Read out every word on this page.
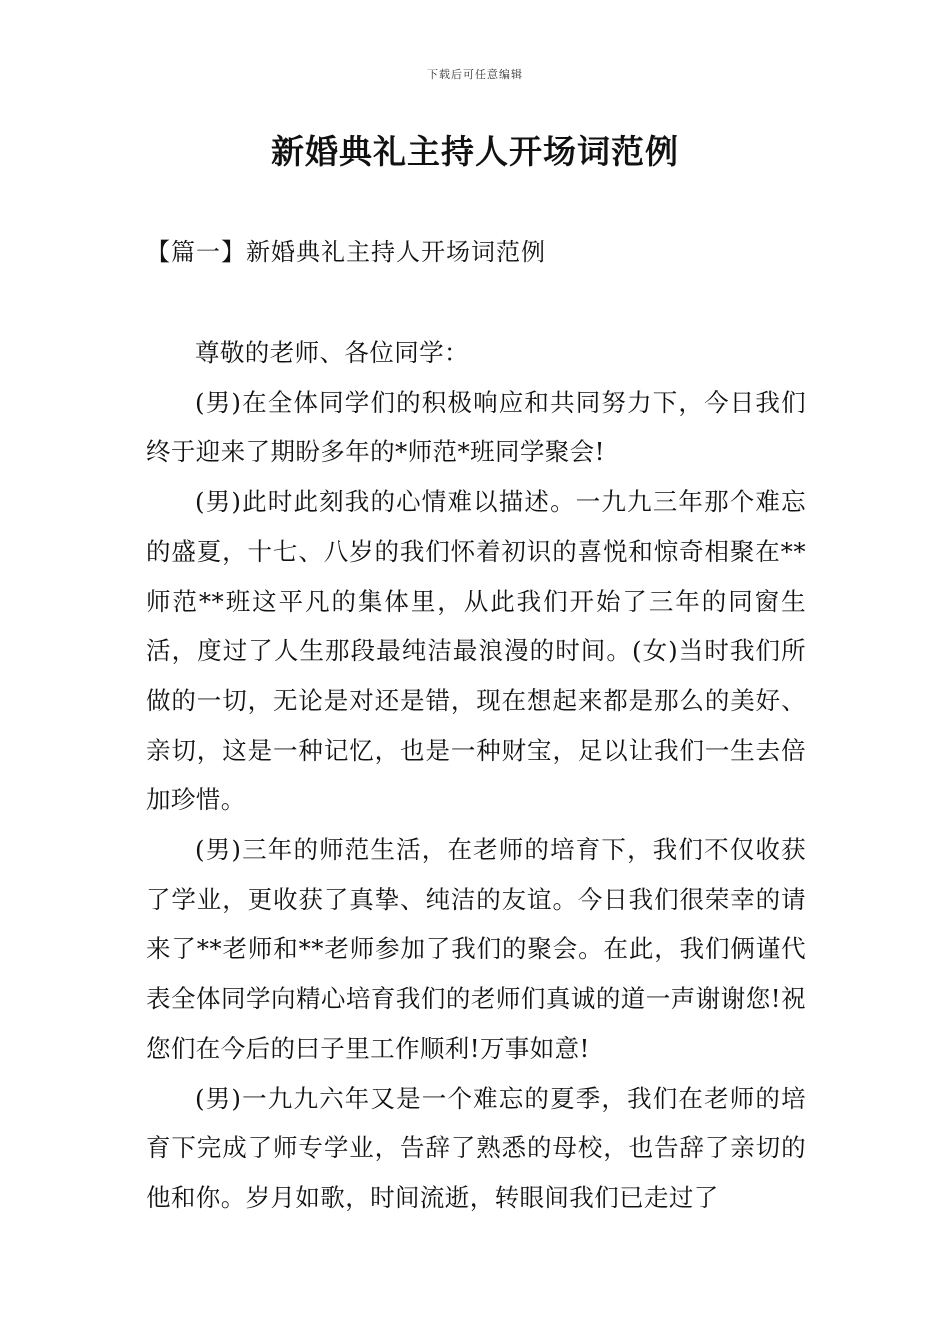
下载后可任意编辑
新婚典礼主持人开场词范例
【篇一】新婚典礼主持人开场词范例

尊敬的老师、各位同学：

(男)在全体同学们的积极响应和共同努力下，今日我们终于迎来了期盼多年的*师范*班同学聚会!

(男)此时此刻我的心情难以描述。一九九三年那个难忘的盛夏，十七、八岁的我们怀着初识的喜悦和惊奇相聚在**师范**班这平凡的集体里，从此我们开始了三年的同窗生活，度过了人生那段最纯洁最浪漫的时间。(女)当时我们所做的一切，无论是对还是错，现在想起来都是那么的美好、亲切，这是一种记忆，也是一种财宝，足以让我们一生去倍加珍惜。

(男)三年的师范生活，在老师的培育下，我们不仅收获了学业，更收获了真挚、纯洁的友谊。今日我们很荣幸的请来了**老师和**老师参加了我们的聚会。在此，我们俩谨代表全体同学向精心培育我们的老师们真诚的道一声谢谢您!祝您们在今后的曰子里工作顺利!万事如意!

(男)一九九六年又是一个难忘的夏季，我们在老师的培育下完成了师专学业，告辞了熟悉的母校，也告辞了亲切的他和你。岁月如歌，时间流逝，转眼间我们已走过了
